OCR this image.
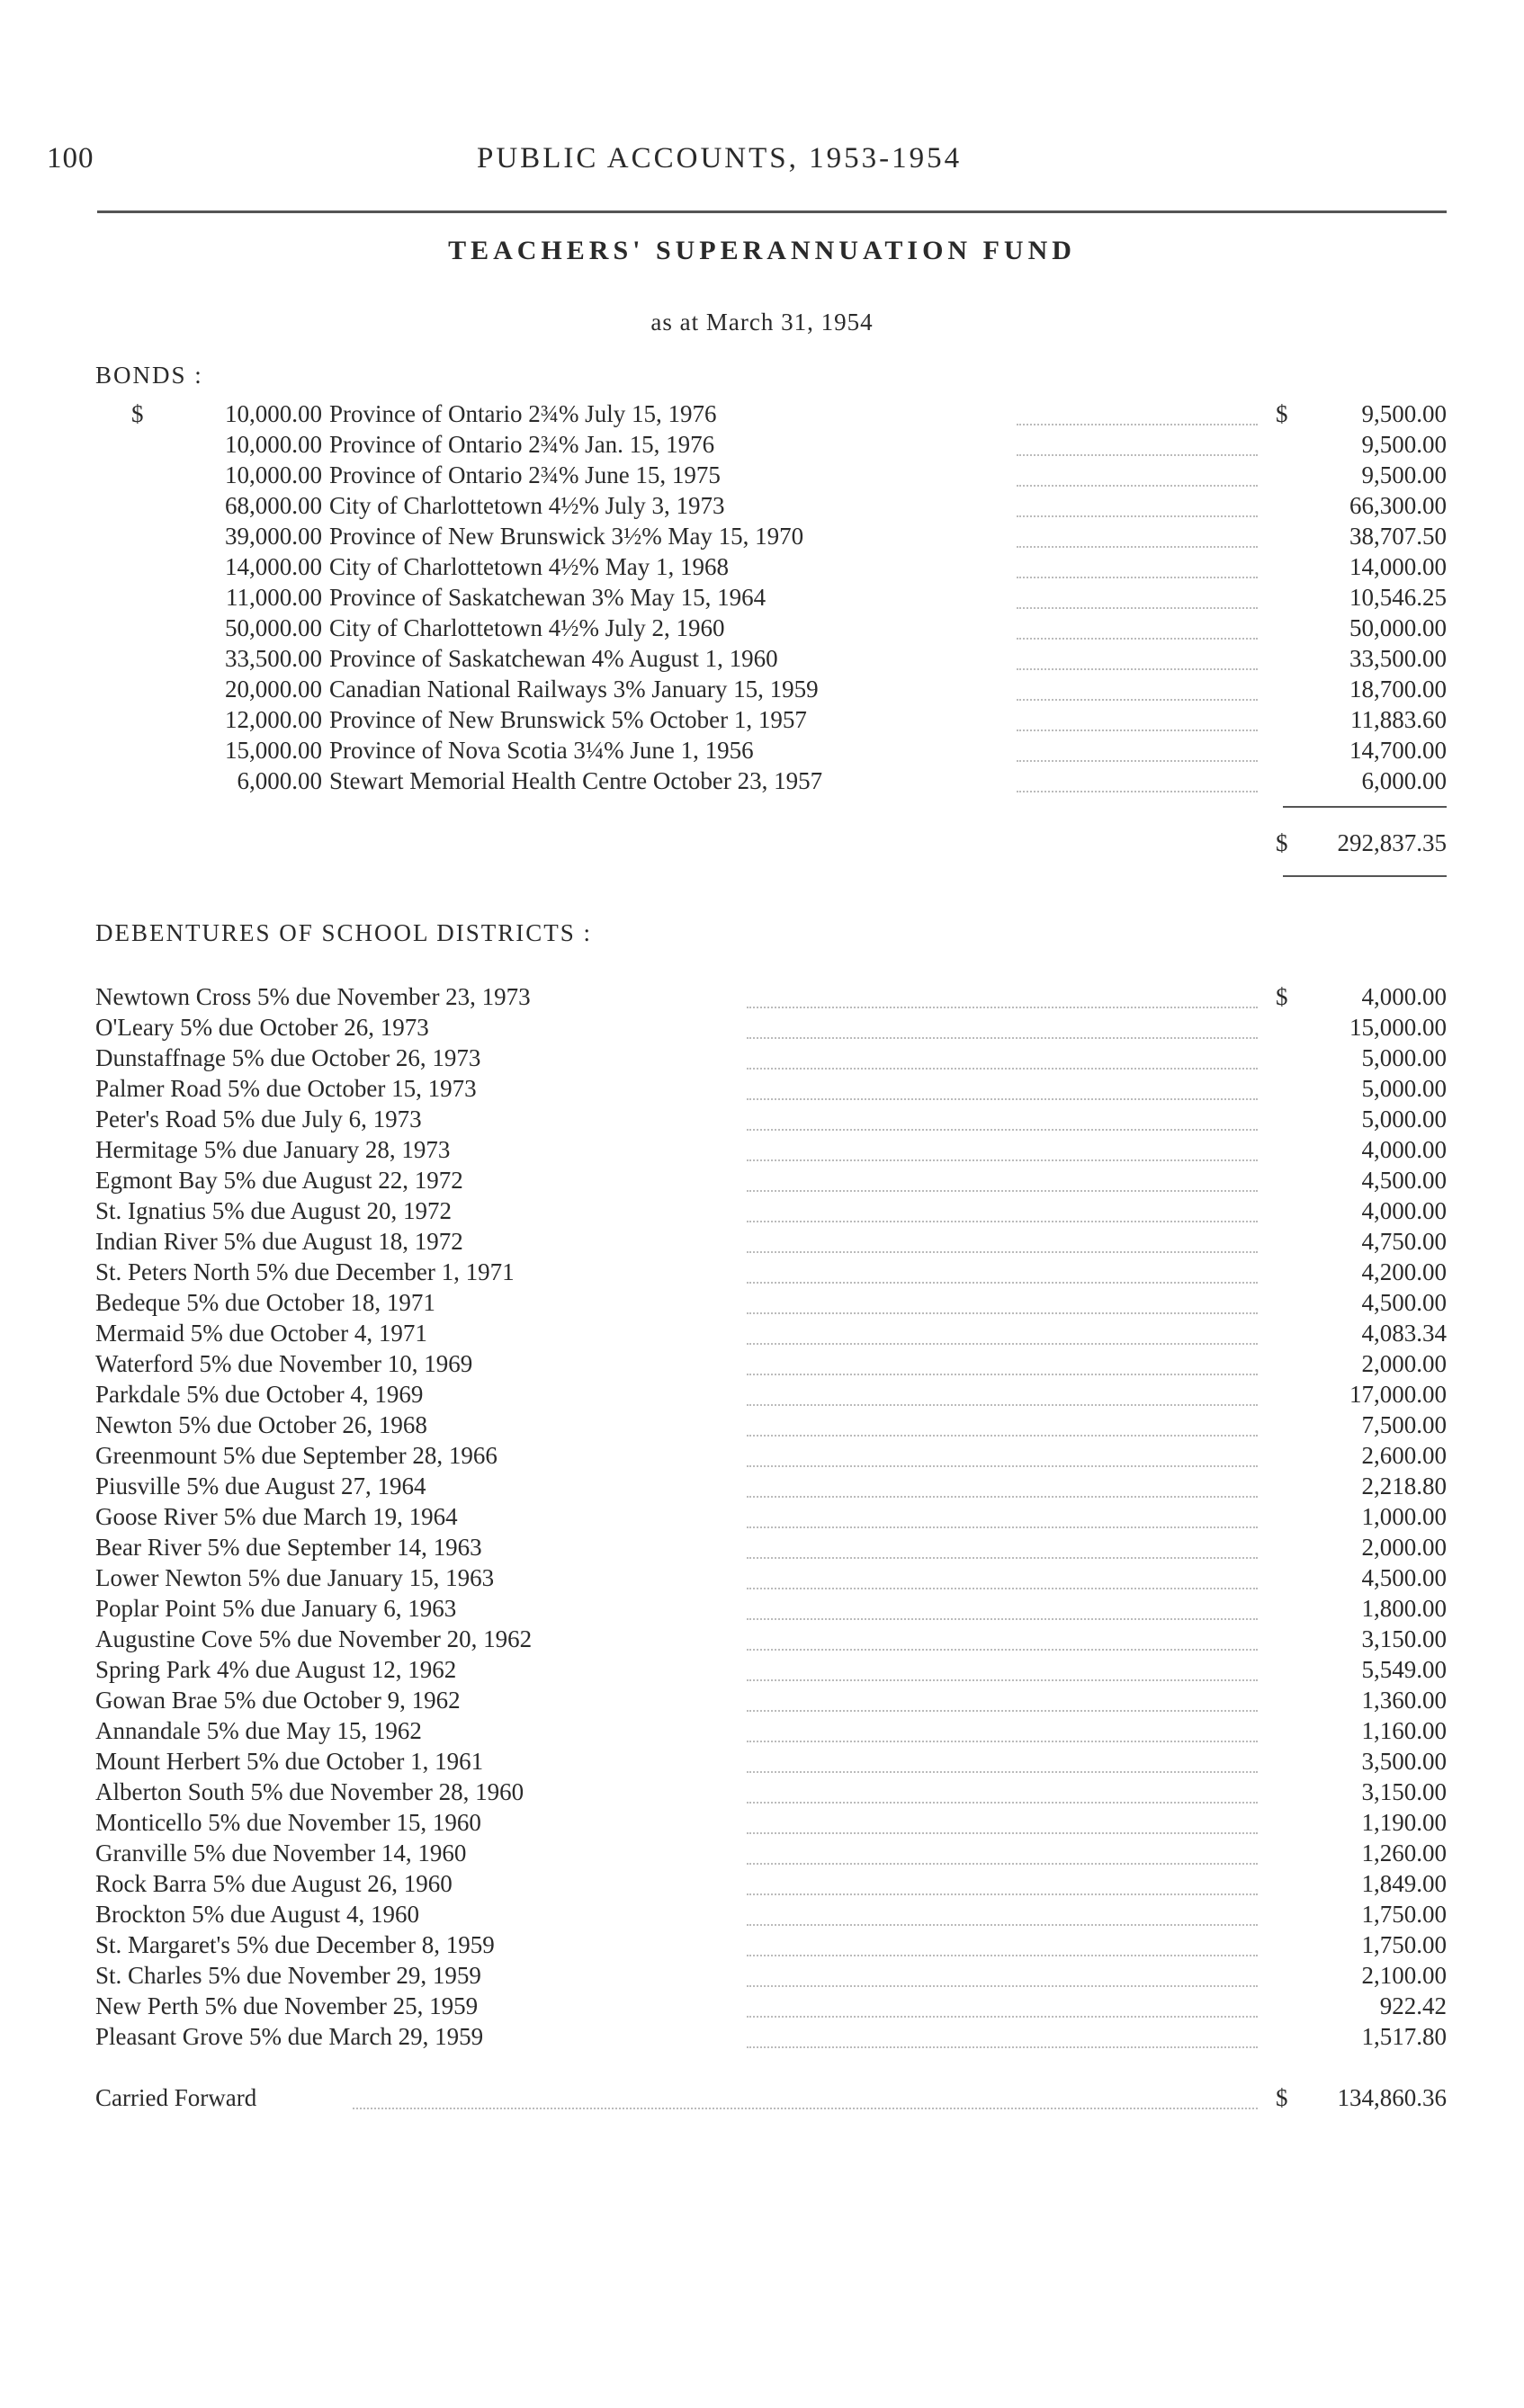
100	PUBLIC ACCOUNTS, 1953-1954
TEACHERS' SUPERANNUATION FUND
as at March 31, 1954
BONDS :
$	10,000.00 Province of Ontario 2¾% July 15, 1976	$	9,500.00
10,000.00 Province of Ontario 2¾% Jan. 15, 1976	9,500.00
10,000.00 Province of Ontario 2¾% June 15, 1975	9,500.00
68,000.00 City of Charlottetown 4½% July 3, 1973	66,300.00
39,000.00 Province of New Brunswick 3½% May 15, 1970	38,707.50
14,000.00 City of Charlottetown 4½% May 1, 1968	14,000.00
11,000.00 Province of Saskatchewan 3% May 15, 1964	10,546.25
50,000.00 City of Charlottetown 4½% July 2, 1960	50,000.00
33,500.00 Province of Saskatchewan 4% August 1, 1960	33,500.00
20,000.00 Canadian National Railways 3% January 15, 1959	18,700.00
12,000.00 Province of New Brunswick 5% October 1, 1957	11,883.60
15,000.00 Province of Nova Scotia 3¼% June 1, 1956	14,700.00
6,000.00 Stewart Memorial Health Centre October 23, 1957	6,000.00
$ 292,837.35
DEBENTURES OF SCHOOL DISTRICTS :
Newtown Cross 5% due November 23, 1973	$	4,000.00
O'Leary 5% due October 26, 1973	15,000.00
Dunstaffnage 5% due October 26, 1973	5,000.00
Palmer Road 5% due October 15, 1973	5,000.00
Peter's Road 5% due July 6, 1973	5,000.00
Hermitage 5% due January 28, 1973	4,000.00
Egmont Bay 5% due August 22, 1972	4,500.00
St. Ignatius 5% due August 20, 1972	4,000.00
Indian River 5% due August 18, 1972	4,750.00
St. Peters North 5% due December 1, 1971	4,200.00
Bedeque 5% due October 18, 1971	4,500.00
Mermaid 5% due October 4, 1971	4,083.34
Waterford 5% due November 10, 1969	2,000.00
Parkdale 5% due October 4, 1969	17,000.00
Newton 5% due October 26, 1968	7,500.00
Greenmount 5% due September 28, 1966	2,600.00
Piusville 5% due August 27, 1964	2,218.80
Goose River 5% due March 19, 1964	1,000.00
Bear River 5% due September 14, 1963	2,000.00
Lower Newton 5% due January 15, 1963	4,500.00
Poplar Point 5% due January 6, 1963	1,800.00
Augustine Cove 5% due November 20, 1962	3,150.00
Spring Park 4% due August 12, 1962	5,549.00
Gowan Brae 5% due October 9, 1962	1,360.00
Annandale 5% due May 15, 1962	1,160.00
Mount Herbert 5% due October 1, 1961	3,500.00
Alberton South 5% due November 28, 1960	3,150.00
Monticello 5% due November 15, 1960	1,190.00
Granville 5% due November 14, 1960	1,260.00
Rock Barra 5% due August 26, 1960	1,849.00
Brockton 5% due August 4, 1960	1,750.00
St. Margaret's 5% due December 8, 1959	1,750.00
St. Charles 5% due November 29, 1959	2,100.00
New Perth 5% due November 25, 1959	922.42
Pleasant Grove 5% due March 29, 1959	1,517.80
Carried Forward	$ 134,860.36
